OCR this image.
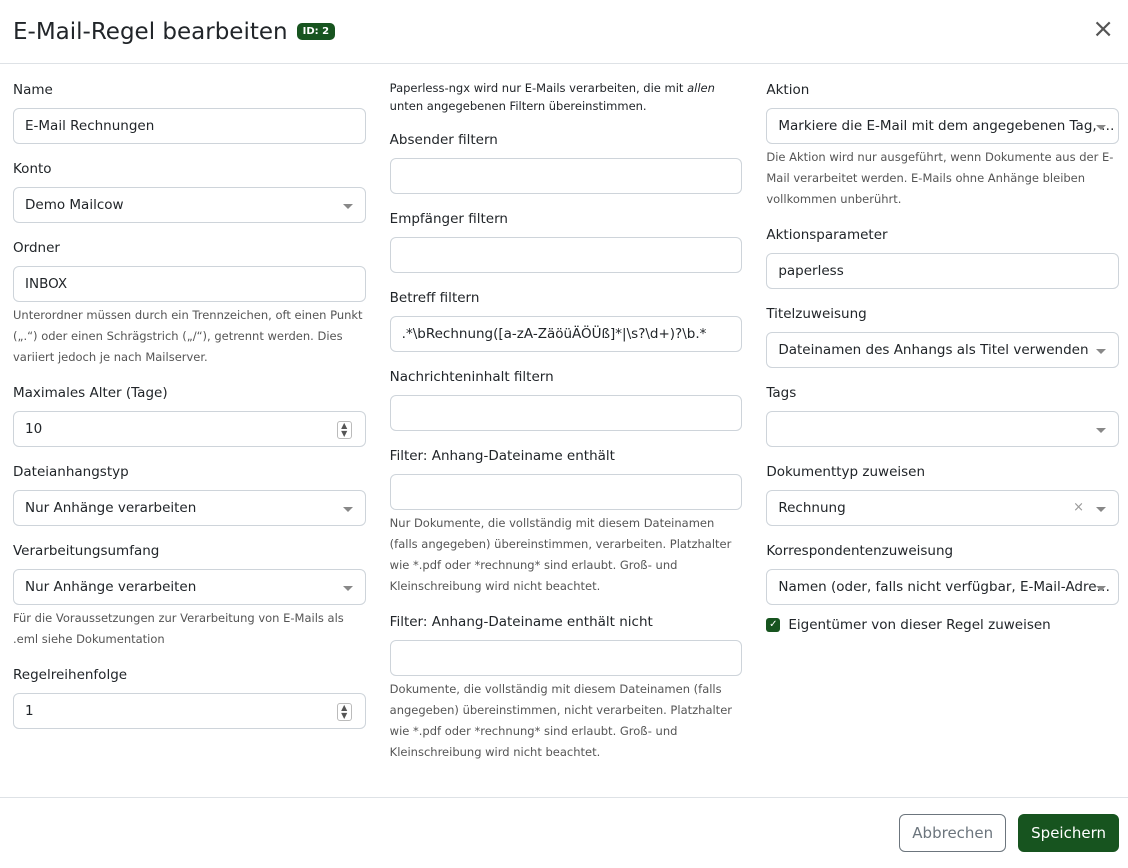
E-Mail-Regel bearbeiten	ID: 2	×
Name
E-Mail Rechnungen
Konto
Demo Mailcow
Ordner
INBOX
Unterordner müssen durch ein Trennzeichen, oft einen Punkt („.“) oder einen Schrägstrich („/“), getrennt werden. Dies variiert jedoch je nach Mailserver.
Maximales Alter (Tage)
10	▲
▼
Dateianhangstyp
Nur Anhänge verarbeiten
Verarbeitungsumfang
Nur Anhänge verarbeiten
Für die Voraussetzungen zur Verarbeitung von E-Mails als .eml siehe Dokumentation
Regelreihenfolge
1	▲
▼

Paperless-ngx wird nur E-Mails verarbeiten, die mit allen unten angegebenen Filtern übereinstimmen.

Absender filtern
Empfänger filtern
Betreff filtern
.*\bRechnung([a-zA-ZäöüÄÖÜß]*|\s?\d+)?\b.*
Nachrichteninhalt filtern
Filter: Anhang-Dateiname enthält
Nur Dokumente, die vollständig mit diesem Dateinamen (falls angegeben) übereinstimmen, verarbeiten. Platzhalter wie *.pdf oder *rechnung* sind erlaubt. Groß- und Kleinschreibung wird nicht beachtet.
Filter: Anhang-Dateiname enthält nicht
Dokumente, die vollständig mit diesem Dateinamen (falls angegeben) übereinstimmen, nicht verarbeiten. Platzhalter wie *.pdf oder *rechnung* sind erlaubt. Groß- und Kleinschreibung wird nicht beachtet.
Aktion
Markiere die E-Mail mit dem angegebenen Tag, …
Die Aktion wird nur ausgeführt, wenn Dokumente aus der E-Mail verarbeitet werden. E-Mails ohne Anhänge bleiben vollkommen unberührt.
Aktionsparameter
paperless
Titelzuweisung
Dateinamen des Anhangs als Titel verwenden
Tags
Dokumenttyp zuweisen
Rechnung	×
Korrespondentenzuweisung
Namen (oder, falls nicht verfügbar, E-Mail-Adre…
✓ Eigentümer von dieser Regel zuweisen
Abbrechen	Speichern
